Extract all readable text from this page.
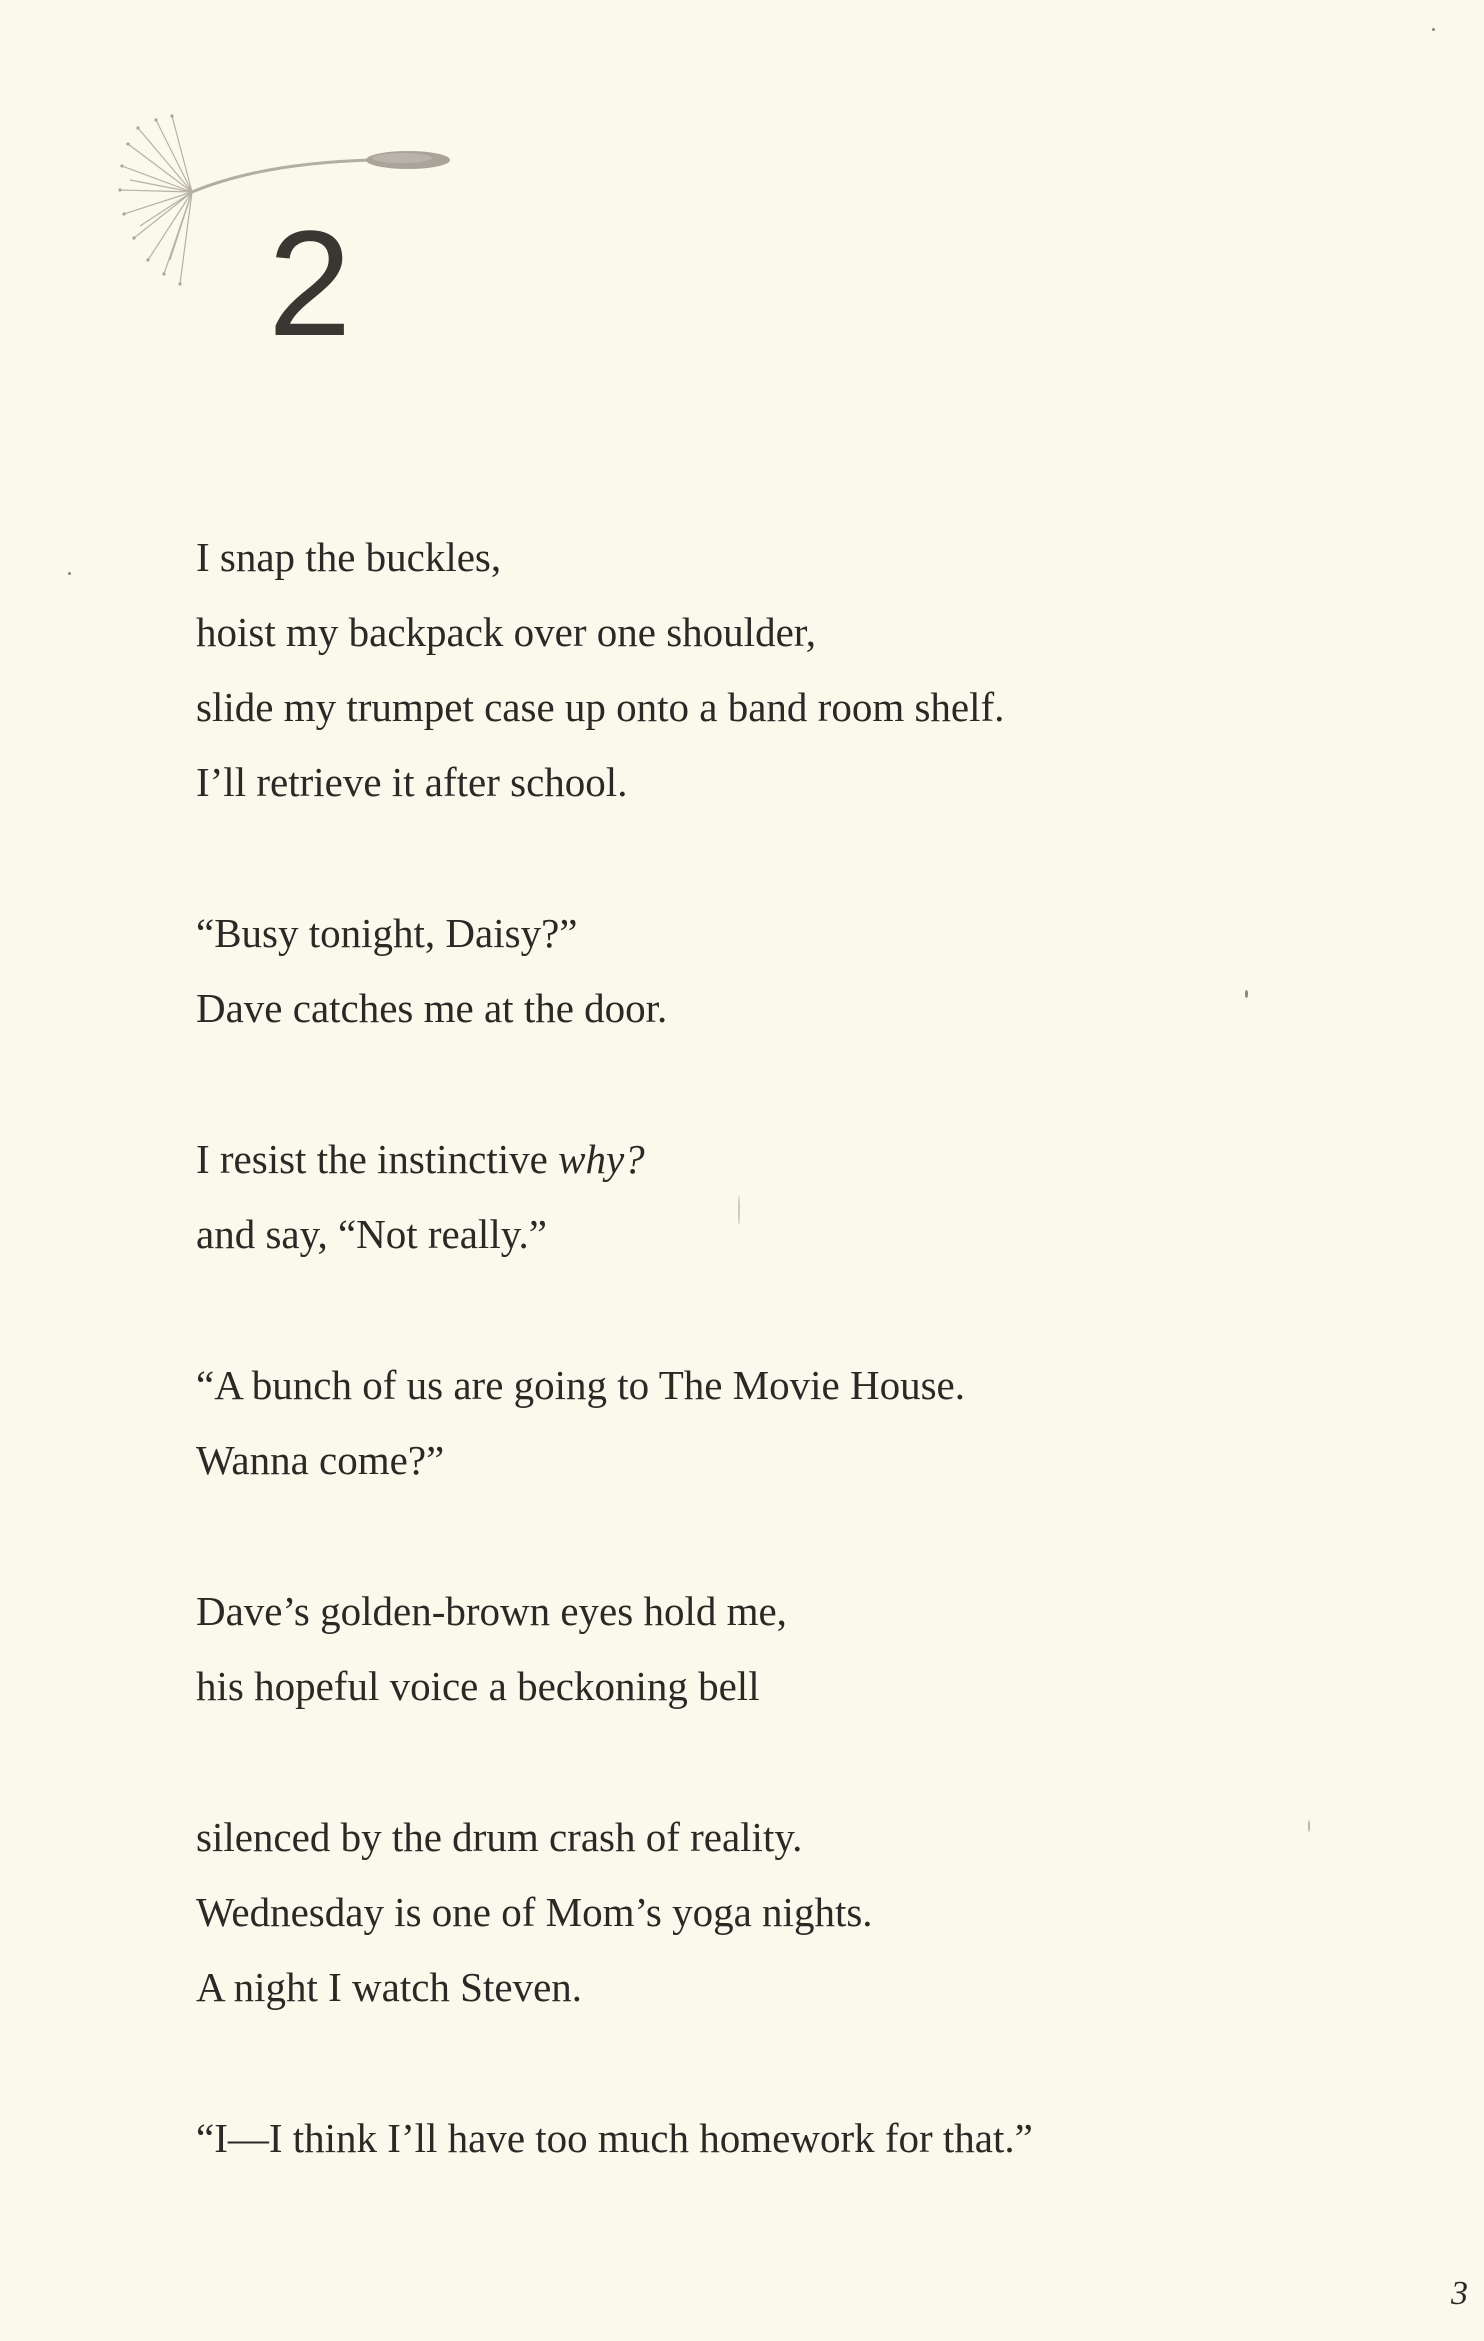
2
I snap the buckles,
hoist my backpack over one shoulder,
slide my trumpet case up onto a band room shelf.
I’ll retrieve it after school.
“Busy tonight, Daisy?”
Dave catches me at the door.
I resist the instinctive why?
and say, “Not really.”
“A bunch of us are going to The Movie House.
Wanna come?”
Dave’s golden-brown eyes hold me,
his hopeful voice a beckoning bell
silenced by the drum crash of reality.
Wednesday is one of Mom’s yoga nights.
A night I watch Steven.
“I—I think I’ll have too much homework for that.”
3
